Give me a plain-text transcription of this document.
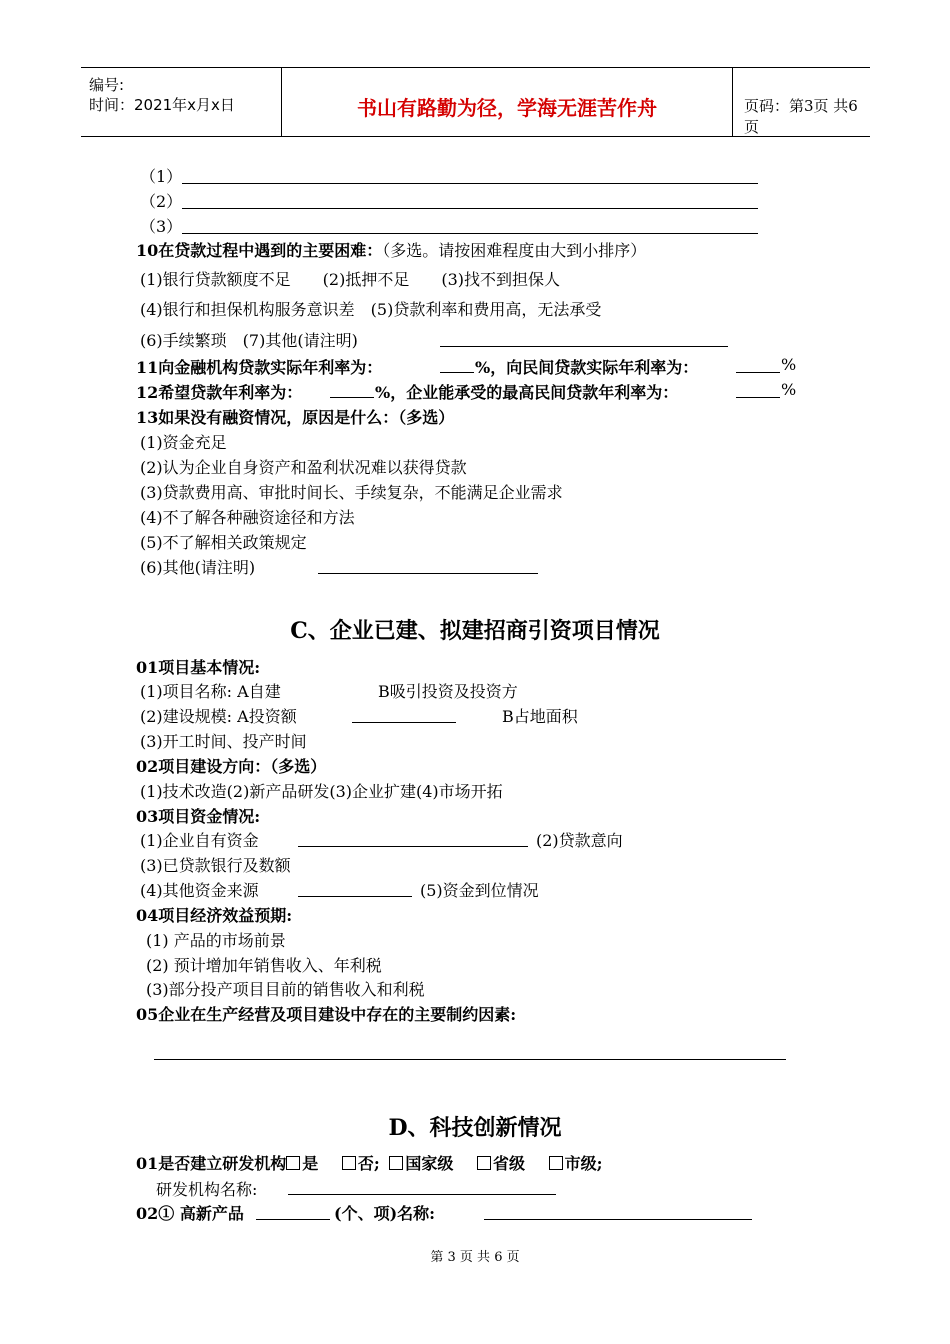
编号:
时间：2021年x月x日	书山有路勤为径，学海无涯苦作舟	页码：第3页 共6页
（1）
（2）
（3）
10在贷款过程中遇到的主要困难：（多选。请按困难程度由大到小排序）
(1)银行贷款额度不足　　(2)抵押不足　　(3)找不到担保人
(4)银行和担保机构服务意识差　(5)贷款利率和费用高，无法承受
(6)手续繁琐　(7)其他(请注明)
11向金融机构贷款实际年利率为：	%，向民间贷款实际年利率为：	%
12希望贷款年利率为：	%，企业能承受的最高民间贷款年利率为：	%
13如果没有融资情况，原因是什么：（多选）
(1)资金充足
(2)认为企业自身资产和盈利状况难以获得贷款
(3)贷款费用高、审批时间长、手续复杂，不能满足企业需求
(4)不了解各种融资途径和方法
(5)不了解相关政策规定
(6)其他(请注明)
C、企业已建、拟建招商引资项目情况
01项目基本情况:
(1)项目名称: A自建	B吸引投资及投资方
(2)建设规模: A投资额	B占地面积
(3)开工时间、投产时间
02项目建设方向：（多选）
(1)技术改造(2)新产品研发(3)企业扩建(4)市场开拓
03项目资金情况:
(1)企业自有资金	(2)贷款意向
(3)已贷款银行及数额
(4)其他资金来源	(5)资金到位情况
04项目经济效益预期:
(1) 产品的市场前景
(2) 预计增加年销售收入、年利税
(3)部分投产项目目前的销售收入和利税
05企业在生产经营及项目建设中存在的主要制约因素:
D、科技创新情况
01是否建立研发机构 是 否; 国家级 省级 市级;
研发机构名称:
02① 高新产品	(个、项)名称:
第 3 页 共 6 页
